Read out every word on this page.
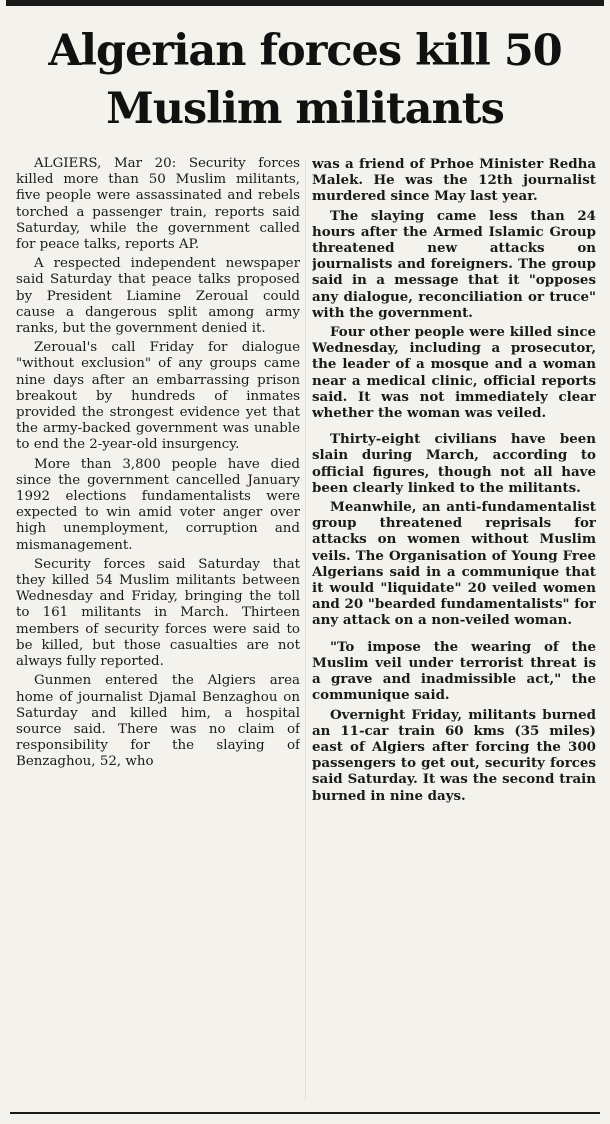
Algerian forces kill 50 Muslim militants

ALGIERS, Mar 20: Security forces killed more than 50 Muslim militants, five people were assassinated and rebels torched a passenger train, reports said Saturday, while the government called for peace talks, reports AP.

A respected independent newspaper said Saturday that peace talks proposed by President Liamine Zeroual could cause a dangerous split among army ranks, but the government denied it.

Zeroual's call Friday for dialogue "without exclusion" of any groups came nine days after an embarrassing prison breakout by hundreds of inmates provided the strongest evidence yet that the army-backed government was unable to end the 2-year-old insurgency.

More than 3,800 people have died since the government cancelled January 1992 elections fundamentalists were expected to win amid voter anger over high unemployment, corruption and mismanagement.

Security forces said Saturday that they killed 54 Muslim militants between Wednesday and Friday, bringing the toll to 161 militants in March. Thirteen members of security forces were said to be killed, but those casualties are not always fully reported.

Gunmen entered the Algiers area home of journalist Djamal Benzaghou on Saturday and killed him, a hospital source said. There was no claim of responsibility for the slaying of Benzaghou, 52, who

was a friend of Prhoe Minister Redha Malek. He was the 12th journalist murdered since May last year.

The slaying came less than 24 hours after the Armed Islamic Group threatened new attacks on journalists and foreigners. The group said in a message that it "opposes any dialogue, reconciliation or truce" with the government.

Four other people were killed since Wednesday, including a prosecutor, the leader of a mosque and a woman near a medical clinic, official reports said. It was not immediately clear whether the woman was veiled.

Thirty-eight civilians have been slain during March, according to official figures, though not all have been clearly linked to the militants.

Meanwhile, an anti-fundamentalist group threatened reprisals for attacks on women without Muslim veils. The Organisation of Young Free Algerians said in a communique that it would "liquidate" 20 veiled women and 20 "bearded fundamentalists" for any attack on a non-veiled woman.

"To impose the wearing of the Muslim veil under terrorist threat is a grave and inadmissible act," the communique said.

Overnight Friday, militants burned an 11-car train 60 kms (35 miles) east of Algiers after forcing the 300 passengers to get out, security forces said Saturday. It was the second train burned in nine days.
